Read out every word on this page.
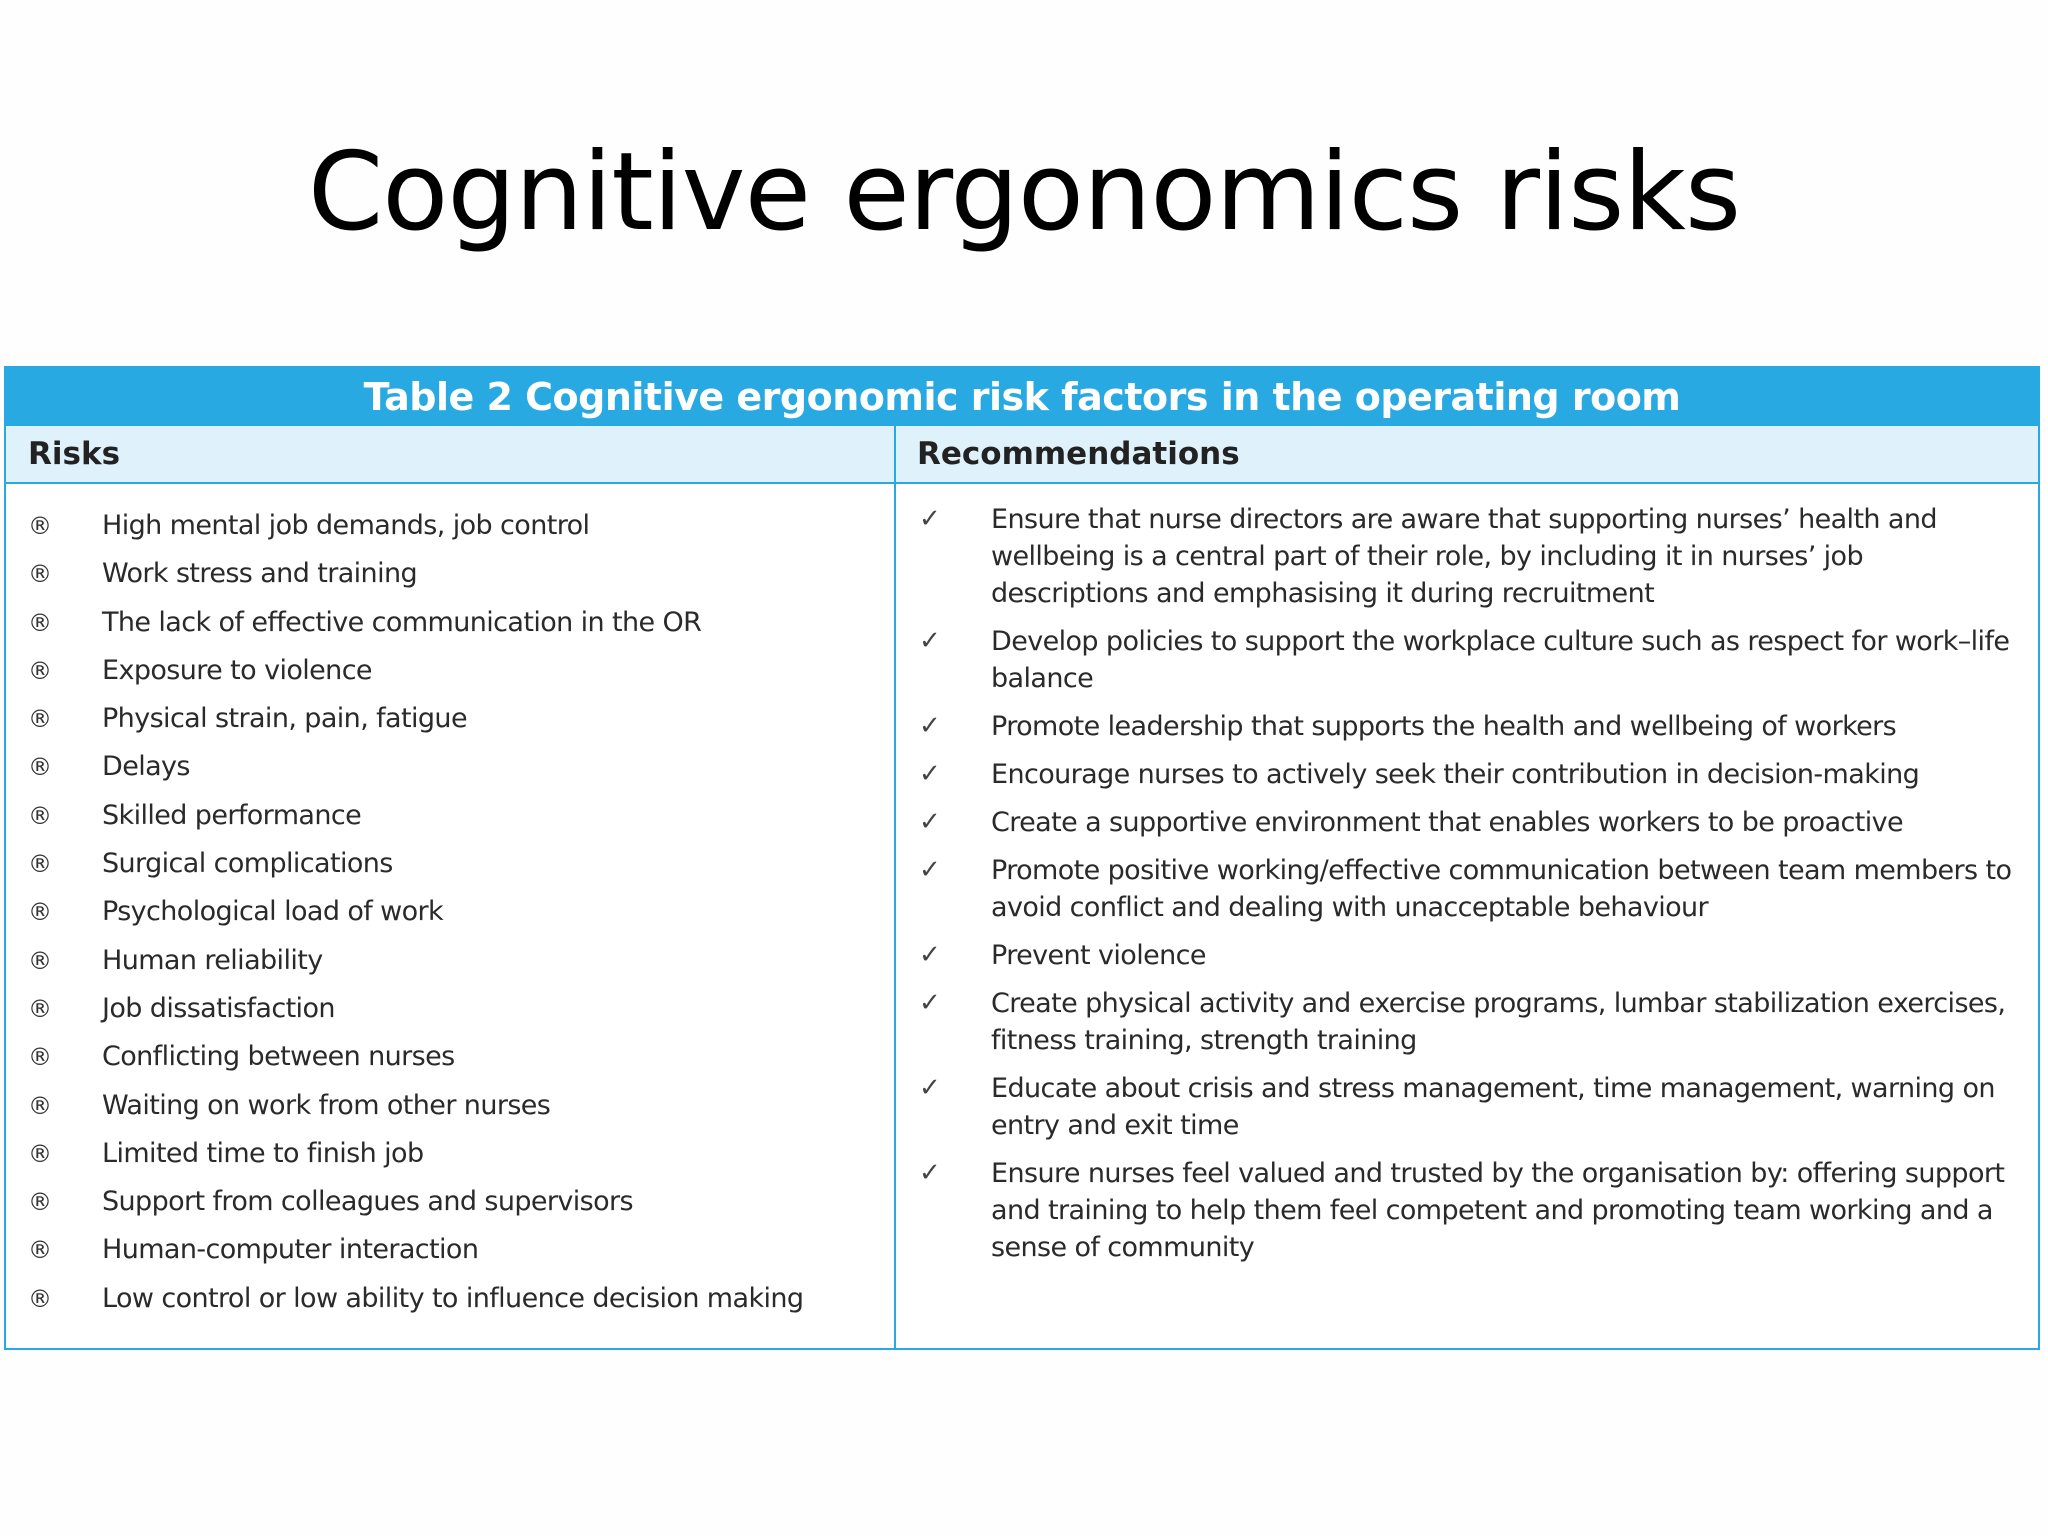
Cognitive ergonomics risks
Table 2 Cognitive ergonomic risk factors in the operating room
Risks	Recommendations
® High mental job demands, job control
® Work stress and training
® The lack of effective communication in the OR
® Exposure to violence
® Physical strain, pain, fatigue
® Delays
® Skilled performance
® Surgical complications
® Psychological load of work
® Human reliability
® Job dissatisfaction
® Conflicting between nurses
® Waiting on work from other nurses
® Limited time to finish job
® Support from colleagues and supervisors
® Human-computer interaction
® Low control or low ability to influence decision making
✓ Ensure that nurse directors are aware that supporting nurses’ health and wellbeing is a central part of their role, by including it in nurses’ job descriptions and emphasising it during recruitment
✓ Develop policies to support the workplace culture such as respect for work–life balance
✓ Promote leadership that supports the health and wellbeing of workers
✓ Encourage nurses to actively seek their contribution in decision-making
✓ Create a supportive environment that enables workers to be proactive
✓ Promote positive working/effective communication between team members to avoid conflict and dealing with unacceptable behaviour
✓ Prevent violence
✓ Create physical activity and exercise programs, lumbar stabilization exercises, fitness training, strength training
✓ Educate about crisis and stress management, time management, warning on entry and exit time
✓ Ensure nurses feel valued and trusted by the organisation by: offering support and training to help them feel competent and promoting team working and a sense of community
